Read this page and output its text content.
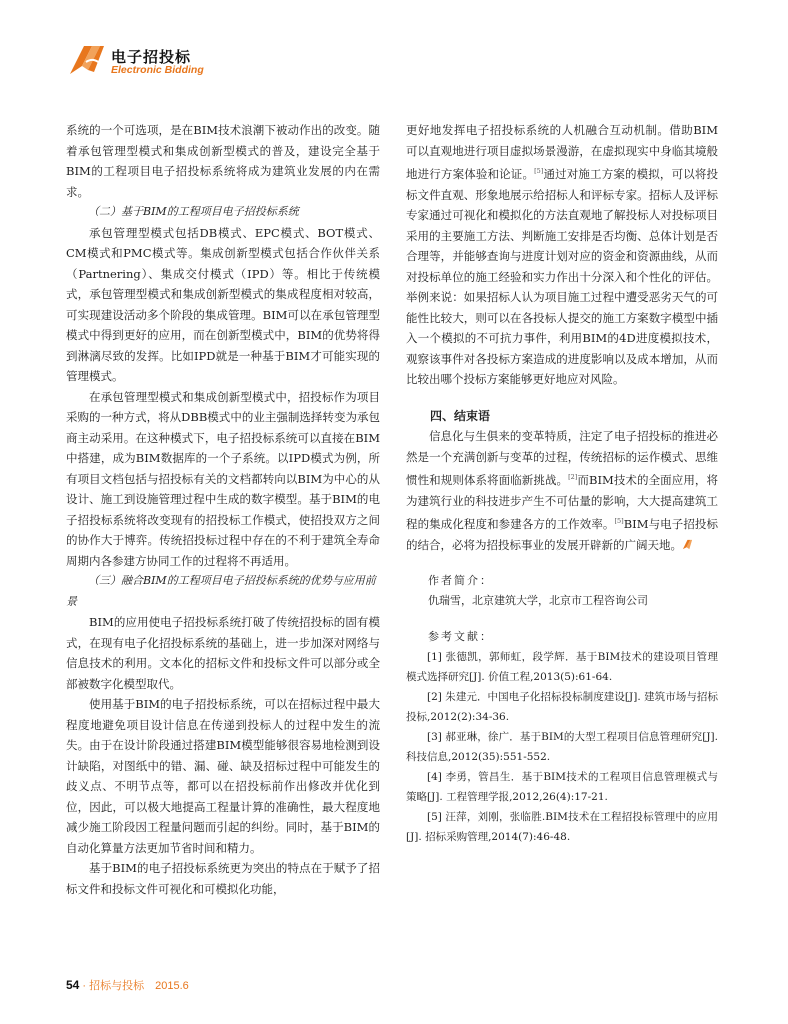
电子招投标
Electronic Bidding

系统的一个可选项，是在BIM技术浪潮下被动作出的改变。随着承包管理型模式和集成创新型模式的普及，建设完全基于BIM的工程项目电子招投标系统将成为建筑业发展的内在需求。

（二）基于BIM的工程项目电子招投标系统

承包管理型模式包括DB模式、EPC模式、BOT模式、CM模式和PMC模式等。集成创新型模式包括合作伙伴关系（Partnering）、集成交付模式（IPD）等。相比于传统模式，承包管理型模式和集成创新型模式的集成程度相对较高，可实现建设活动多个阶段的集成管理。BIM可以在承包管理型模式中得到更好的应用，而在创新型模式中，BIM的优势将得到淋漓尽致的发挥。比如IPD就是一种基于BIM才可能实现的管理模式。

在承包管理型模式和集成创新型模式中，招投标作为项目采购的一种方式，将从DBB模式中的业主强制选择转变为承包商主动采用。在这种模式下，电子招投标系统可以直接在BIM中搭建，成为BIM数据库的一个子系统。以IPD模式为例，所有项目文档包括与招投标有关的文档都转向以BIM为中心的从设计、施工到设施管理过程中生成的数字模型。基于BIM的电子招投标系统将改变现有的招投标工作模式，使招投双方之间的协作大于博弈。传统招投标过程中存在的不利于建筑全寿命周期内各参建方协同工作的过程将不再适用。

（三）融合BIM的工程项目电子招投标系统的优势与应用前景

BIM的应用使电子招投标系统打破了传统招投标的固有模式，在现有电子化招投标系统的基础上，进一步加深对网络与信息技术的利用。文本化的招标文件和投标文件可以部分或全部被数字化模型取代。

使用基于BIM的电子招投标系统，可以在招标过程中最大程度地避免项目设计信息在传递到投标人的过程中发生的流失。由于在设计阶段通过搭建BIM模型能够很容易地检测到设计缺陷，对图纸中的错、漏、碰、缺及招标过程中可能发生的歧义点、不明节点等，都可以在招投标前作出修改并优化到位，因此，可以极大地提高工程量计算的准确性，最大程度地减少施工阶段因工程量问题而引起的纠纷。同时，基于BIM的自动化算量方法更加节省时间和精力。

基于BIM的电子招投标系统更为突出的特点在于赋予了招标文件和投标文件可视化和可模拟化功能，

更好地发挥电子招投标系统的人机融合互动机制。借助BIM可以直观地进行项目虚拟场景漫游，在虚拟现实中身临其境般地进行方案体验和论证。[5]通过对施工方案的模拟，可以将投标文件直观、形象地展示给招标人和评标专家。招标人及评标专家通过可视化和模拟化的方法直观地了解投标人对投标项目采用的主要施工方法、判断施工安排是否均衡、总体计划是否合理等，并能够查询与进度计划对应的资金和资源曲线，从而对投标单位的施工经验和实力作出十分深入和个性化的评估。举例来说：如果招标人认为项目施工过程中遭受恶劣天气的可能性比较大，则可以在各投标人提交的施工方案数字模型中插入一个模拟的不可抗力事件，利用BIM的4D进度模拟技术，观察该事件对各投标方案造成的进度影响以及成本增加，从而比较出哪个投标方案能够更好地应对风险。

四、结束语

信息化与生俱来的变革特质，注定了电子招投标的推进必然是一个充满创新与变革的过程，传统招标的运作模式、思维惯性和规则体系将面临新挑战。[2]而BIM技术的全面应用，将为建筑行业的科技进步产生不可估量的影响，大大提高建筑工程的集成化程度和参建各方的工作效率。[5]BIM与电子招投标的结合，必将为招投标事业的发展开辟新的广阔天地。

作者简介：

仇瑞雪，北京建筑大学，北京市工程咨询公司

参考文献：

[1] 张德凯，郭师虹，段学辉．基于BIM技术的建设项目管理模式选择研究[J]. 价值工程,2013(5):61-64.

[2] 朱建元．中国电子化招标投标制度建设[J]. 建筑市场与招标投标,2012(2):34-36.

[3] 郝亚琳，徐广．基于BIM的大型工程项目信息管理研究[J]. 科技信息,2012(35):551-552.

[4] 李勇，管昌生．基于BIM技术的工程项目信息管理模式与策略[J]. 工程管理学报,2012,26(4):17-21.

[5] 汪萍，刘刚，张临胜.BIM技术在工程招投标管理中的应用[J]. 招标采购管理,2014(7):46-48.

54 · 招标与投标　2015.6
